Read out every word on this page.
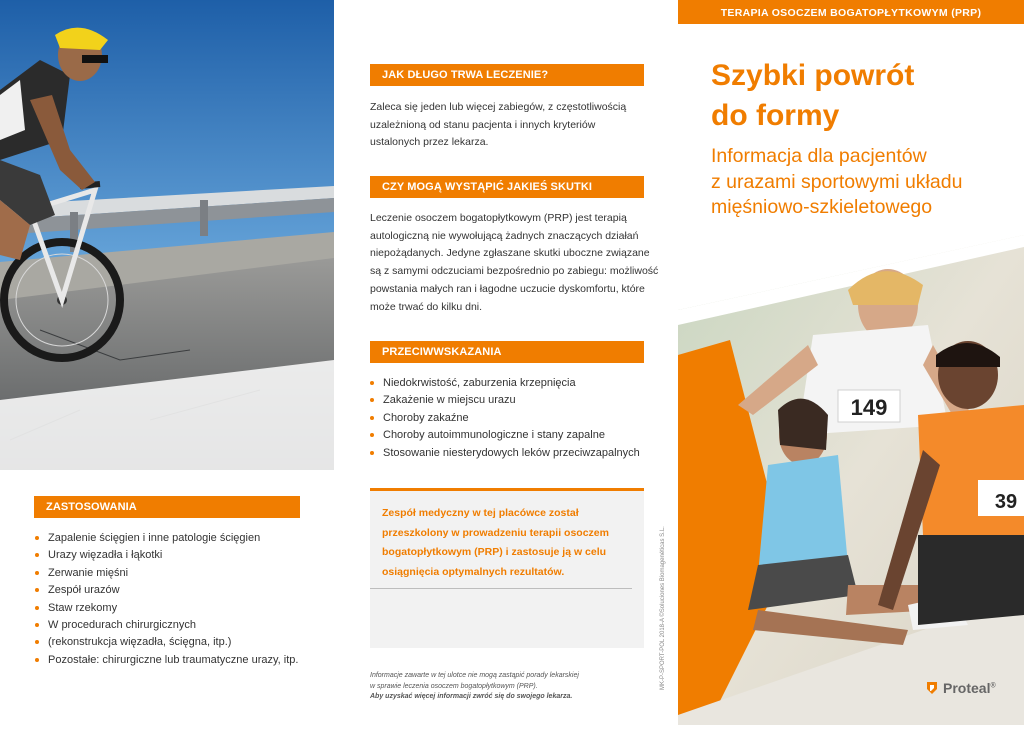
ZASTOSOWANIA
Zapalenie ścięgien i inne patologie ścięgien
Urazy więzadła i łąkotki
Zerwanie mięśni
Zespół urazów
Staw rzekomy
W procedurach chirurgicznych
(rekonstrukcja więzadła, ścięgna, itp.)
Pozostałe: chirurgiczne lub traumatyczne urazy, itp.
JAK DŁUGO TRWA LECZENIE?

Zaleca się jeden lub więcej zabiegów, z częstotliwością
uzależnioną od stanu pacjenta i innych kryteriów
ustalonych przez lekarza.

CZY MOGĄ WYSTĄPIĆ JAKIEŚ SKUTKI UBOCZNE?

Leczenie osoczem bogatopłytkowym (PRP) jest terapią
autologiczną nie wywołującą żadnych znaczących działań
niepożądanych. Jedyne zgłaszane skutki uboczne związane
są z samymi odczuciami bezpośrednio po zabiegu: możliwość
powstania małych ran i łagodne uczucie dyskomfortu, które
może trwać do kilku dni.

PRZECIWWSKAZANIA
Niedokrwistość, zaburzenia krzepnięcia
Zakażenie w miejscu urazu
Choroby zakaźne
Choroby autoimmunologiczne i stany zapalne
Stosowanie niesterydowych leków przeciwzapalnych

Zespół medyczny w tej placówce został
przeszkolony w prowadzeniu terapii osoczem
bogatopłytkowym (PRP) i zastosuje ją w celu
osiągnięcia optymalnych rezultatów.

Informacje zawarte w tej ulotce nie mogą zastąpić porady lekarskiej
w sprawie leczenia osoczem bogatopłytkowym (PRP).
Aby uzyskać więcej informacji zwróć się do swojego lekarza.

MK-P-SPORT-POL 2018-A ©Soluciones Biomagenéticas S.L.
TERAPIA OSOCZEM BOGATOPŁYTKOWYM (PRP)
Szybki powrót
do formy
Informacja dla pacjentów
z urazami sportowymi układu
mięśniowo-szkieletowego
149
39
Proteal®
